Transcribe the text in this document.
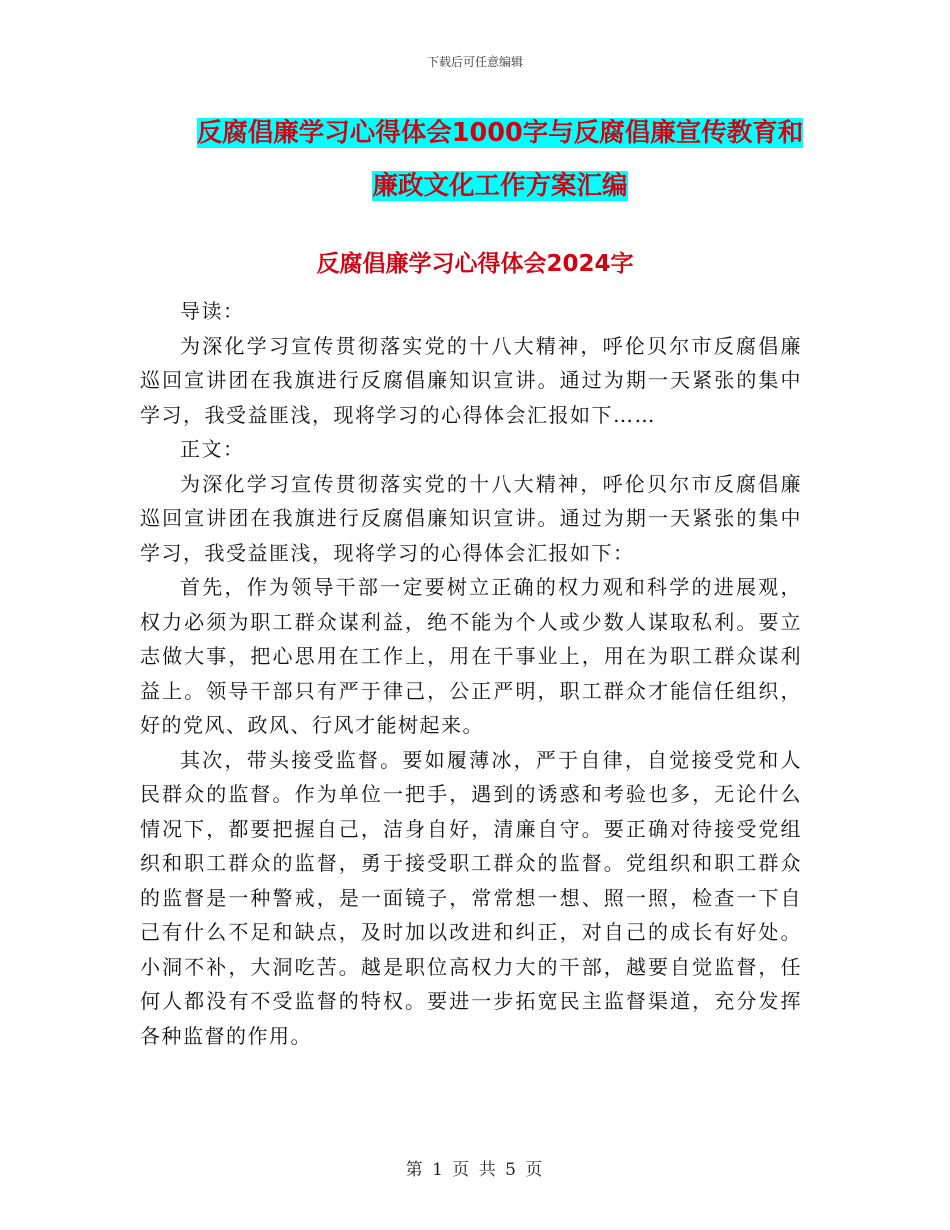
下载后可任意编辑
反腐倡廉学习心得体会1000字与反腐倡廉宣传教育和
廉政文化工作方案汇编
反腐倡廉学习心得体会2024字

导读：

为深化学习宣传贯彻落实党的十八大精神，呼伦贝尔市反腐倡廉巡回宣讲团在我旗进行反腐倡廉知识宣讲。通过为期一天紧张的集中学习，我受益匪浅，现将学习的心得体会汇报如下……

正文：

为深化学习宣传贯彻落实党的十八大精神，呼伦贝尔市反腐倡廉巡回宣讲团在我旗进行反腐倡廉知识宣讲。通过为期一天紧张的集中学习，我受益匪浅，现将学习的心得体会汇报如下：

首先，作为领导干部一定要树立正确的权力观和科学的进展观，权力必须为职工群众谋利益，绝不能为个人或少数人谋取私利。要立志做大事，把心思用在工作上，用在干事业上，用在为职工群众谋利益上。领导干部只有严于律己，公正严明，职工群众才能信任组织，好的党风、政风、行风才能树起来。

其次，带头接受监督。要如履薄冰，严于自律，自觉接受党和人民群众的监督。作为单位一把手，遇到的诱惑和考验也多，无论什么情况下，都要把握自己，洁身自好，清廉自守。要正确对待接受党组织和职工群众的监督，勇于接受职工群众的监督。党组织和职工群众的监督是一种警戒，是一面镜子，常常想一想、照一照，检查一下自己有什么不足和缺点，及时加以改进和纠正，对自己的成长有好处。小洞不补，大洞吃苦。越是职位高权力大的干部，越要自觉监督，任何人都没有不受监督的特权。要进一步拓宽民主监督渠道，充分发挥各种监督的作用。

第 1 页 共 5 页
